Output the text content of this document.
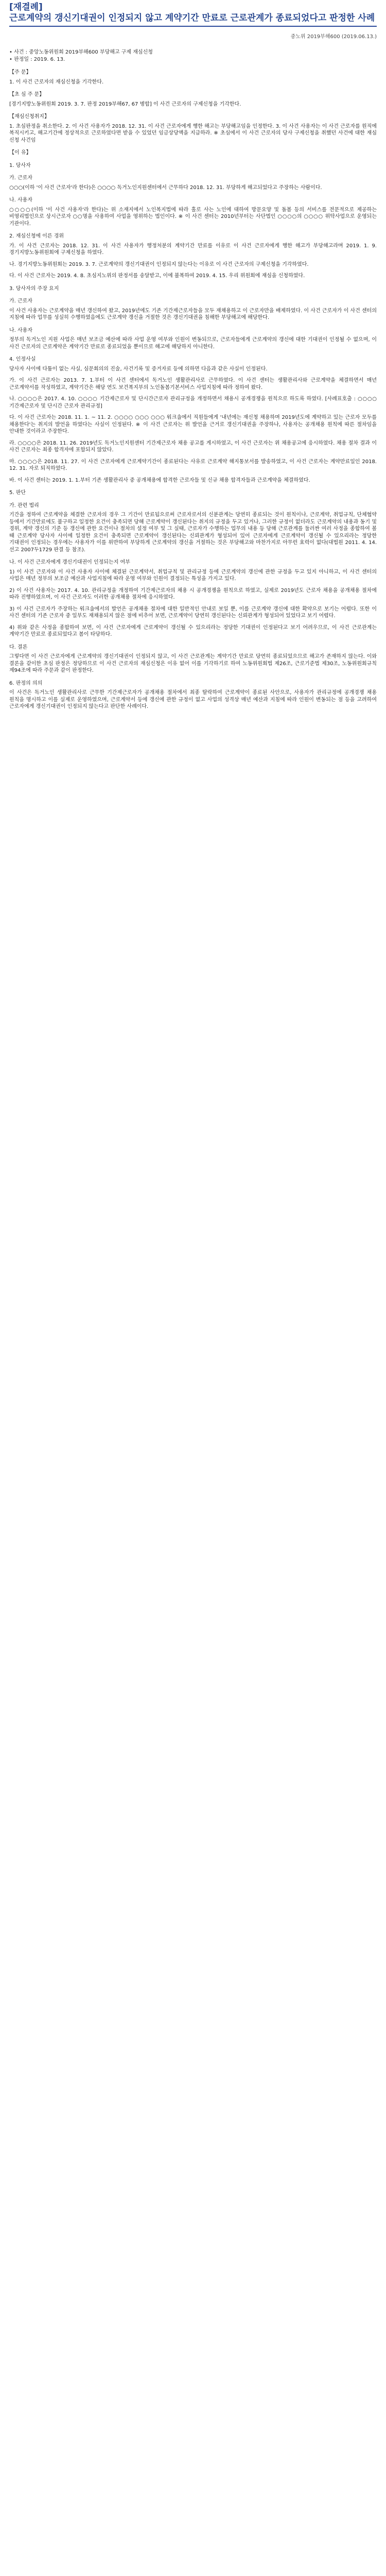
[재결례]
근로계약의 갱신기대권이 인정되지 않고 계약기간 만료로 근로관계가 종료되었다고 판정한 사례
중노위 2019부해600 (2019.06.13.)
• 사건 : 중앙노동위원회 2019부해600 부당해고 구제 재심신청
• 판정일 : 2019. 6. 13.
【주 문】
1. 이 사건 근로자의 재심신청을 기각한다.
【초 심 주 문】
[경기지방노동위원회 2019. 3. 7. 판정 2019부해67, 67 병합] 이 사건 근로자의 구제신청을 기각한다.
【재심신청취지】
1. 초심판정을 취소한다. 2. 이 사건 사용자가 2018. 12. 31. 이 사건 근로자에게 행한 해고는 부당해고임을 인정한다. 3. 이 사건 사용자는 이 사건 근로자를 원직에 복직시키고, 해고기간에 정상적으로 근로하였다면 받을 수 있었던 임금상당액을 지급하라. ※ 초심에서 이 사건 근로자의 당사 구제신청을 취했던 사건에 대한 재심 신청 사건임
【이 유】
1. 당사자
가. 근로자
○○○(이하 '이 사건 근로자'라 한다)은 ○○○○ 독거노인지원센터에서 근무하다 2018. 12. 31. 부당하게 해고되었다고 주장하는 사람이다.
나. 사용자
○○○○(이하 '이 사건 사용자'라 한다)는 위 소재지에서 노인복지법에 따라 홀로 사는 노인에 대하여 방문요양 및 돌봄 등의 서비스를 전문적으로 제공하는 비영리법인으로 상시근로자 ○○명을 사용하여 사업을 영위하는 법인이다. ※ 이 사건 센터는 2010년부터는 사단법인 ○○○○의 ○○○○ 위탁사업으로 운영되는 기관이다.
2. 재심신청에 이른 경위
가. 이 사건 근로자는 2018. 12. 31. 이 사건 사용자가 행정처분의 계약기간 만료를 이유로 이 사건 근로자에게 행한 해고가 부당해고라며 2019. 1. 9. 경기지방노동위원회에 구제신청을 하였다.
나. 경기지방노동위원회는 2019. 3. 7. 근로계약의 갱신기대권이 인정되지 않는다는 이유로 이 사건 근로자의 구제신청을 기각하였다.
다. 이 사건 근로자는 2019. 4. 8. 초심지노위의 판정서를 송달받고, 이에 불복하여 2019. 4. 15. 우리 위원회에 재심을 신청하였다.
3. 당사자의 주장 요지
가. 근로자
이 사건 사용자는 근로계약을 매년 갱신하여 왔고, 2019년에도 기존 기간제근로자들을 모두 재채용하고 이 근로자만을 배제하였다. 이 사건 근로자가 이 사건 센터의 지침에 따라 업무를 성실히 수행하였음에도 근로계약 갱신을 거절한 것은 갱신기대권을 침해한 부당해고에 해당한다.
나. 사용자
정부의 독거노인 지원 사업은 매년 보조금 예산에 따라 사업 운영 여부와 인원이 변동되므로, 근로자들에게 근로계약의 갱신에 대한 기대권이 인정될 수 없으며, 이 사건 근로자의 근로계약은 계약기간 만료로 종료되었을 뿐이므로 해고에 해당하지 아니한다.
4. 인정사실
당사자 사이에 다툼이 없는 사실, 심문회의의 진술, 사건기록 및 증거자료 등에 의하면 다음과 같은 사실이 인정된다.
가. 이 사건 근로자는 2013. 7. 1.부터 이 사건 센터에서 독거노인 생활관리사로 근무하였다. 이 사건 센터는 생활관리사와 근로계약을 체결하면서 매년 근로계약서를 작성하였고, 계약기간은 해당 연도 보건복지부의 노인돌봄기본서비스 사업지침에 따라 정하여 왔다.
나. ○○○○은 2017. 4. 10. ○○○○ 기간제근로자 및 단시간근로자 관리규정을 개정하면서 채용시 공개경쟁을 원칙으로 하도록 하였다. [사례표호출 : ○○○○ 기간제근로자 및 단시간 근로자 관리규정]
다. 이 사건 근로자는 2018. 11. 1. ~ 11. 2. ○○○○ ○○○ ○○○ 워크숍에서 직원들에게 '내년에는 재신청 채용하며 2019년도에 계약하고 있는 근로자 모두를 채용한다'는 취지의 발언을 하였다는 사실이 인정된다. ※ 이 사건 근로자는 위 발언을 근거로 갱신기대권을 주장하나, 사용자는 공개채용 원칙에 따른 절차임을 안내한 것이라고 주장한다.
라. ○○○○은 2018. 11. 26. 2019년도 독거노인지원센터 기간제근로자 채용 공고를 게시하였고, 이 사건 근로자는 위 채용공고에 응시하였다. 채용 절차 결과 이 사건 근로자는 최종 합격자에 포함되지 않았다.
마. ○○○○은 2018. 11. 27. 이 사건 근로자에게 근로계약기간이 종료된다는 사유로 근로계약 해지통보서를 발송하였고, 이 사건 근로자는 계약만료일인 2018. 12. 31. 자로 퇴직하였다.
바. 이 사건 센터는 2019. 1. 1.부터 기존 생활관리사 중 공개채용에 합격한 근로자들 및 신규 채용 합격자들과 근로계약을 체결하였다.
5. 판단
가. 관련 법리
기간을 정하여 근로계약을 체결한 근로자의 경우 그 기간이 만료됨으로써 근로자로서의 신분관계는 당연히 종료되는 것이 원칙이나, 근로계약, 취업규칙, 단체협약 등에서 기간만료에도 불구하고 일정한 요건이 충족되면 당해 근로계약이 갱신된다는 취지의 규정을 두고 있거나, 그러한 규정이 없더라도 근로계약의 내용과 동기 및 경위, 계약 갱신의 기준 등 갱신에 관한 요건이나 절차의 설정 여부 및 그 실태, 근로자가 수행하는 업무의 내용 등 당해 근로관계를 둘러싼 여러 사정을 종합하여 볼 때 근로계약 당사자 사이에 일정한 요건이 충족되면 근로계약이 갱신된다는 신뢰관계가 형성되어 있어 근로자에게 근로계약이 갱신될 수 있으리라는 정당한 기대권이 인정되는 경우에는 사용자가 이를 위반하여 부당하게 근로계약의 갱신을 거절하는 것은 부당해고와 마찬가지로 아무런 효력이 없다(대법원 2011. 4. 14. 선고 2007두1729 판결 등 참조).
나. 이 사건 근로자에게 갱신기대권이 인정되는지 여부
1) 이 사건 근로자와 이 사건 사용자 사이에 체결된 근로계약서, 취업규칙 및 관리규정 등에 근로계약의 갱신에 관한 규정을 두고 있지 아니하고, 이 사건 센터의 사업은 매년 정부의 보조금 예산과 사업지침에 따라 운영 여부와 인원이 결정되는 특성을 가지고 있다.
2) 이 사건 사용자는 2017. 4. 10. 관리규정을 개정하여 기간제근로자의 채용 시 공개경쟁을 원칙으로 하였고, 실제로 2019년도 근로자 채용을 공개채용 절차에 따라 진행하였으며, 이 사건 근로자도 이러한 공개채용 절차에 응시하였다.
3) 이 사건 근로자가 주장하는 워크숍에서의 발언은 공개채용 절차에 대한 일반적인 안내로 보일 뿐, 이를 근로계약 갱신에 대한 확약으로 보기는 어렵다. 또한 이 사건 센터의 기존 근로자 중 일부도 재채용되지 않은 점에 비추어 보면, 근로계약이 당연히 갱신된다는 신뢰관계가 형성되어 있었다고 보기 어렵다.
4) 위와 같은 사정을 종합하여 보면, 이 사건 근로자에게 근로계약이 갱신될 수 있으리라는 정당한 기대권이 인정된다고 보기 어려우므로, 이 사건 근로관계는 계약기간 만료로 종료되었다고 봄이 타당하다.
다. 결론
그렇다면 이 사건 근로자에게 근로계약의 갱신기대권이 인정되지 않고, 이 사건 근로관계는 계약기간 만료로 당연히 종료되었으므로 해고가 존재하지 않는다. 이와 결론을 같이한 초심 판정은 정당하므로 이 사건 근로자의 재심신청은 이유 없어 이를 기각하기로 하여 노동위원회법 제26조, 근로기준법 제30조, 노동위원회규칙 제94조에 따라 주문과 같이 판정한다.
6. 판정의 의의
이 사건은 독거노인 생활관리사로 근무한 기간제근로자가 공개채용 절차에서 최종 탈락하여 근로계약이 종료된 사안으로, 사용자가 관리규정에 공개경쟁 채용 원칙을 명시하고 이를 실제로 운영하였으며, 근로계약서 등에 갱신에 관한 규정이 없고 사업의 성격상 매년 예산과 지침에 따라 인원이 변동되는 점 등을 고려하여 근로자에게 갱신기대권이 인정되지 않는다고 판단한 사례이다.
